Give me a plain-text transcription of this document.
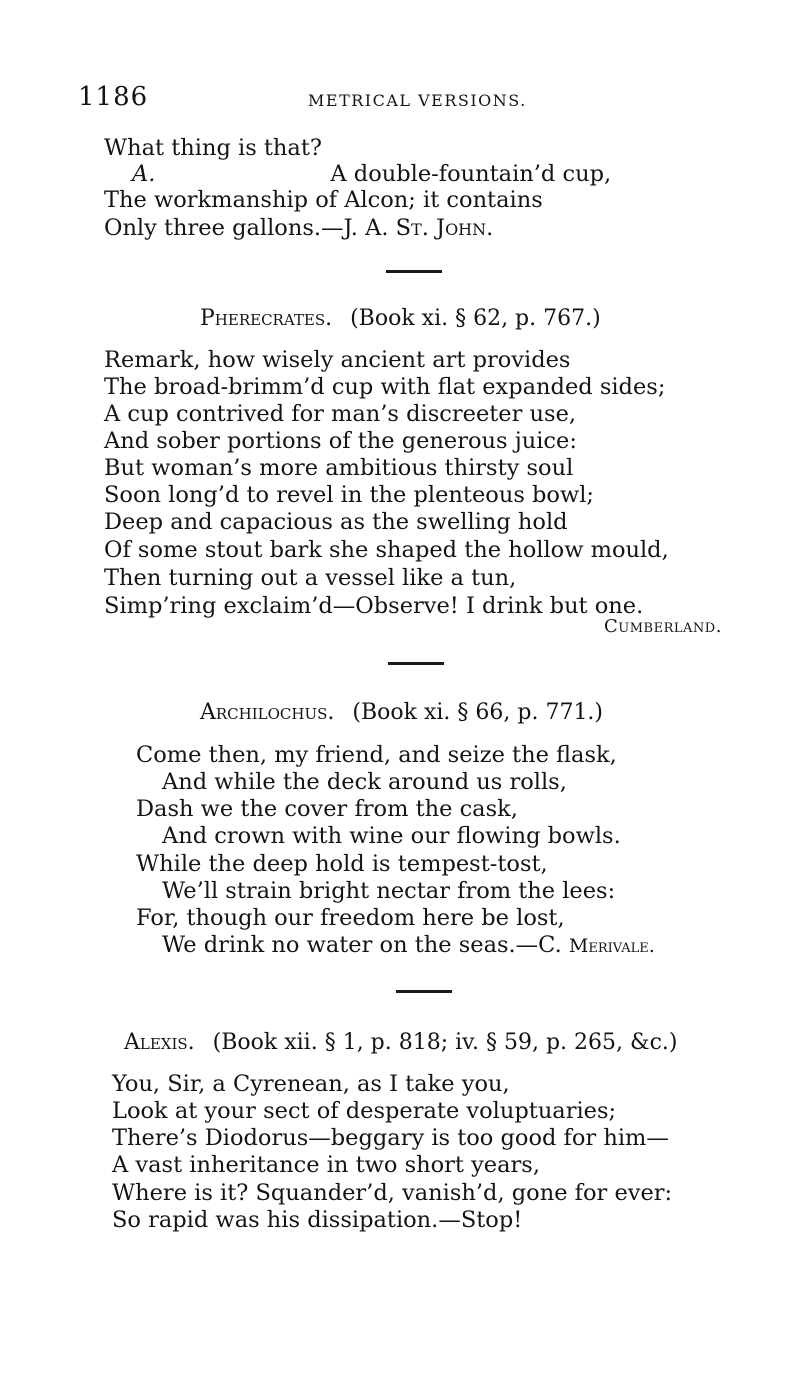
1186	METRICAL VERSIONS.
What thing is that?
A.	A double-fountain’d cup,
The workmanship of Alcon; it contains
Only three gallons.—J. A. St. John.
Pherecrates. (Book xi. § 62, p. 767.)
Remark, how wisely ancient art provides
The broad-brimm’d cup with flat expanded sides;
A cup contrived for man’s discreeter use,
And sober portions of the generous juice:
But woman’s more ambitious thirsty soul
Soon long’d to revel in the plenteous bowl;
Deep and capacious as the swelling hold
Of some stout bark she shaped the hollow mould,
Then turning out a vessel like a tun,
Simp’ring exclaim’d—Observe! I drink but one.
Cumberland.
Archilochus. (Book xi. § 66, p. 771.)
Come then, my friend, and seize the flask,
And while the deck around us rolls,
Dash we the cover from the cask,
And crown with wine our flowing bowls.
While the deep hold is tempest-tost,
We’ll strain bright nectar from the lees:
For, though our freedom here be lost,
We drink no water on the seas.—C. Merivale.
Alexis. (Book xii. § 1, p. 818; iv. § 59, p. 265, &c.)
You, Sir, a Cyrenean, as I take you,
Look at your sect of desperate voluptuaries;
There’s Diodorus—beggary is too good for him—
A vast inheritance in two short years,
Where is it? Squander’d, vanish’d, gone for ever:
So rapid was his dissipation.—Stop!
